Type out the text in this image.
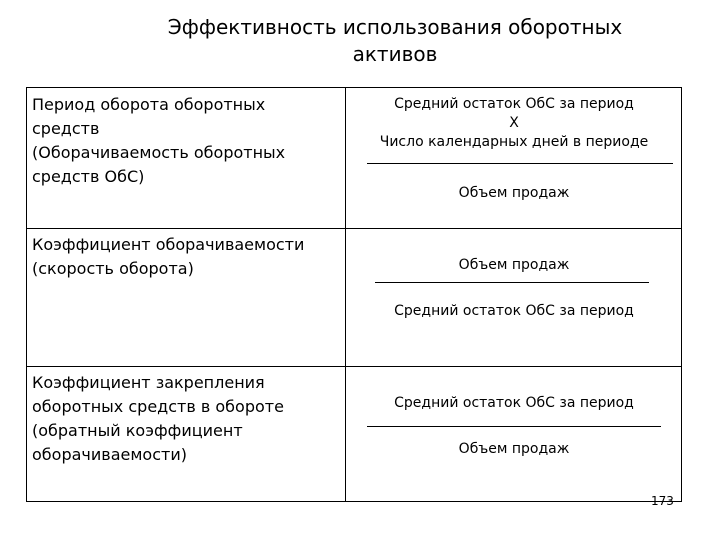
Эффективность использования оборотных
активов
Период оборота оборотных
средств
(Оборачиваемость оборотных
средств ОбС)
Средний остаток ОбС за период
X
Число календарных дней в периоде
Объем продаж
Коэффициент оборачиваемости
(скорость оборота)	Объем продаж
Средний остаток ОбС за период
Коэффициент закрепления
оборотных средств в обороте
(обратный коэффициент
оборачиваемости)
Средний остаток ОбС за период
Объем продаж
173
